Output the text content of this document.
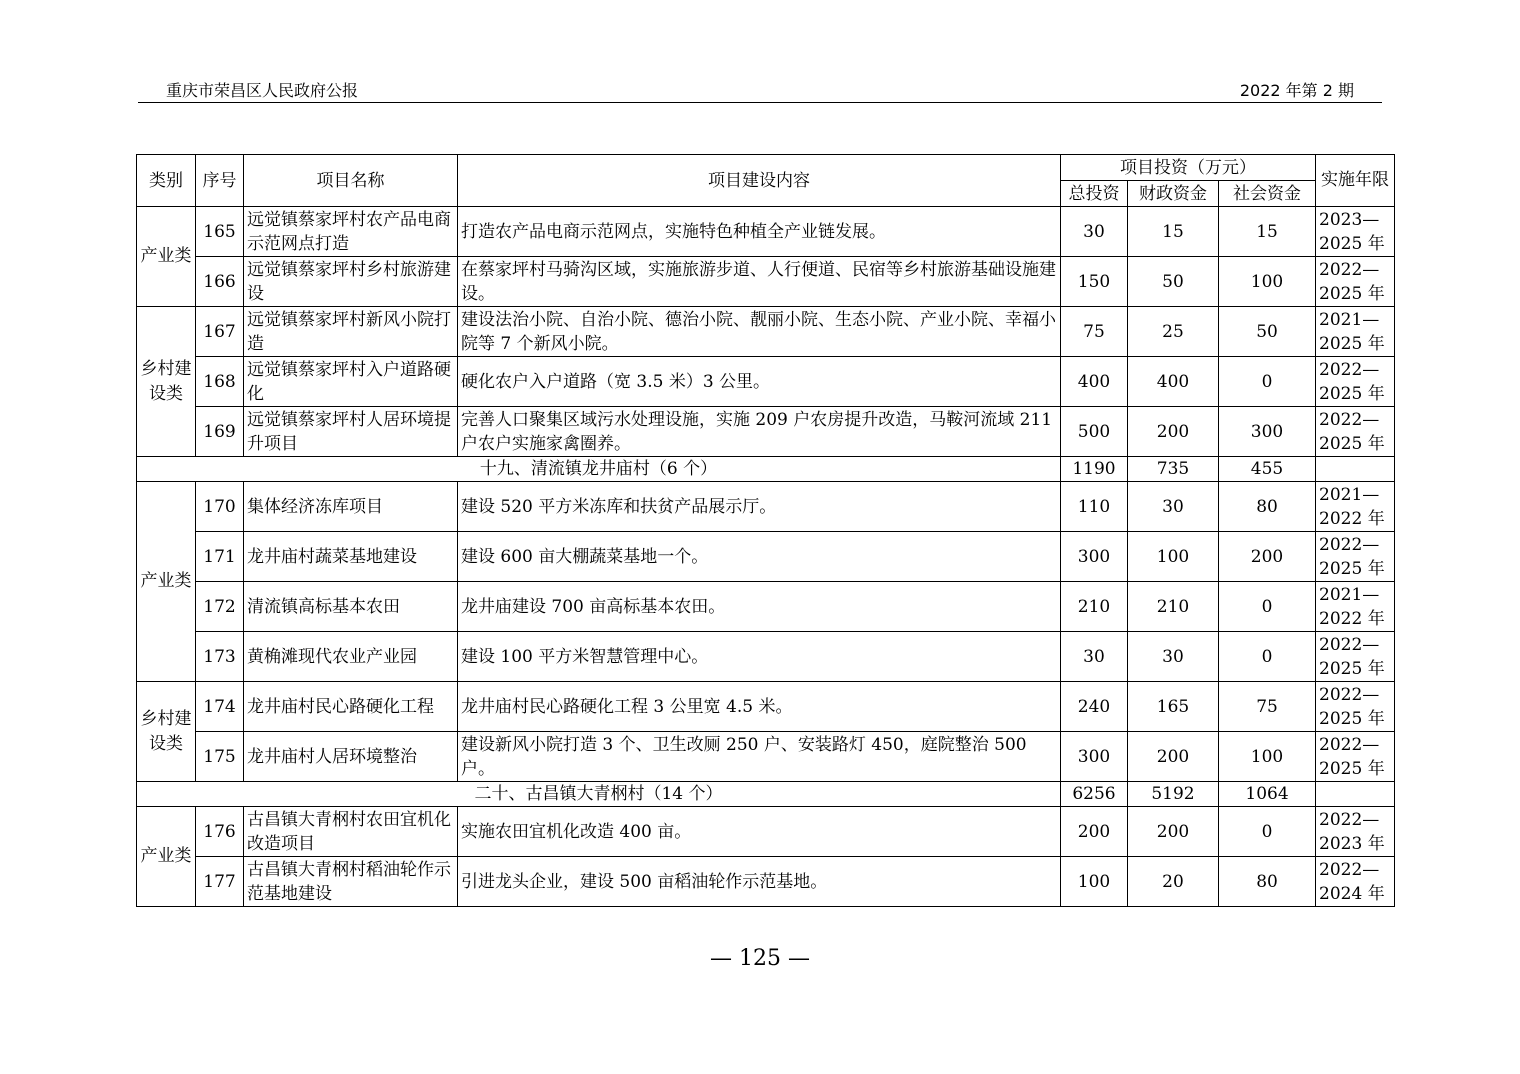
重庆市荣昌区人民政府公报	2022 年第 2 期
类别	序号	项目名称	项目建设内容	项目投资（万元）			实施年限
				总投资	财政资金	社会资金	
产业类	165	远觉镇蔡家坪村农产品电商示范网点打造	打造农产品电商示范网点，实施特色种植全产业链发展。	30	15	15	2023—2025 年
	166	远觉镇蔡家坪村乡村旅游建设	在蔡家坪村马骑沟区域，实施旅游步道、人行便道、民宿等乡村旅游基础设施建设。	150	50	100	2022—2025 年
乡村建设类	167	远觉镇蔡家坪村新风小院打造	建设法治小院、自治小院、德治小院、靓丽小院、生态小院、产业小院、幸福小院等 7 个新风小院。	75	25	50	2021—2025 年
	168	远觉镇蔡家坪村入户道路硬化	硬化农户入户道路（宽 3.5 米）3 公里。	400	400	0	2022—2025 年
	169	远觉镇蔡家坪村人居环境提升项目	完善人口聚集区域污水处理设施，实施 209 户农房提升改造，马鞍河流域 211 户农户实施家禽圈养。	500	200	300	2022—2025 年
十九、清流镇龙井庙村（6 个）				1190	735	455	
产业类	170	集体经济冻库项目	建设 520 平方米冻库和扶贫产品展示厅。	110	30	80	2021—2022 年
	171	龙井庙村蔬菜基地建设	建设 600 亩大棚蔬菜基地一个。	300	100	200	2022—2025 年
	172	清流镇高标基本农田	龙井庙建设 700 亩高标基本农田。	210	210	0	2021—2022 年
	173	黄桷滩现代农业产业园	建设 100 平方米智慧管理中心。	30	30	0	2022—2025 年
乡村建设类	174	龙井庙村民心路硬化工程	龙井庙村民心路硬化工程 3 公里宽 4.5 米。	240	165	75	2022—2025 年
	175	龙井庙村人居环境整治	建设新风小院打造 3 个、卫生改厕 250 户、安装路灯 450，庭院整治 500 户。	300	200	100	2022—2025 年
二十、古昌镇大青㭎村（14 个）				6256	5192	1064	
产业类	176	古昌镇大青㭎村农田宜机化改造项目	实施农田宜机化改造 400 亩。	200	200	0	2022—2023 年
	177	古昌镇大青㭎村稻油轮作示范基地建设	引进龙头企业，建设 500 亩稻油轮作示范基地。	100	20	80	2022—2024 年
— 125 —
